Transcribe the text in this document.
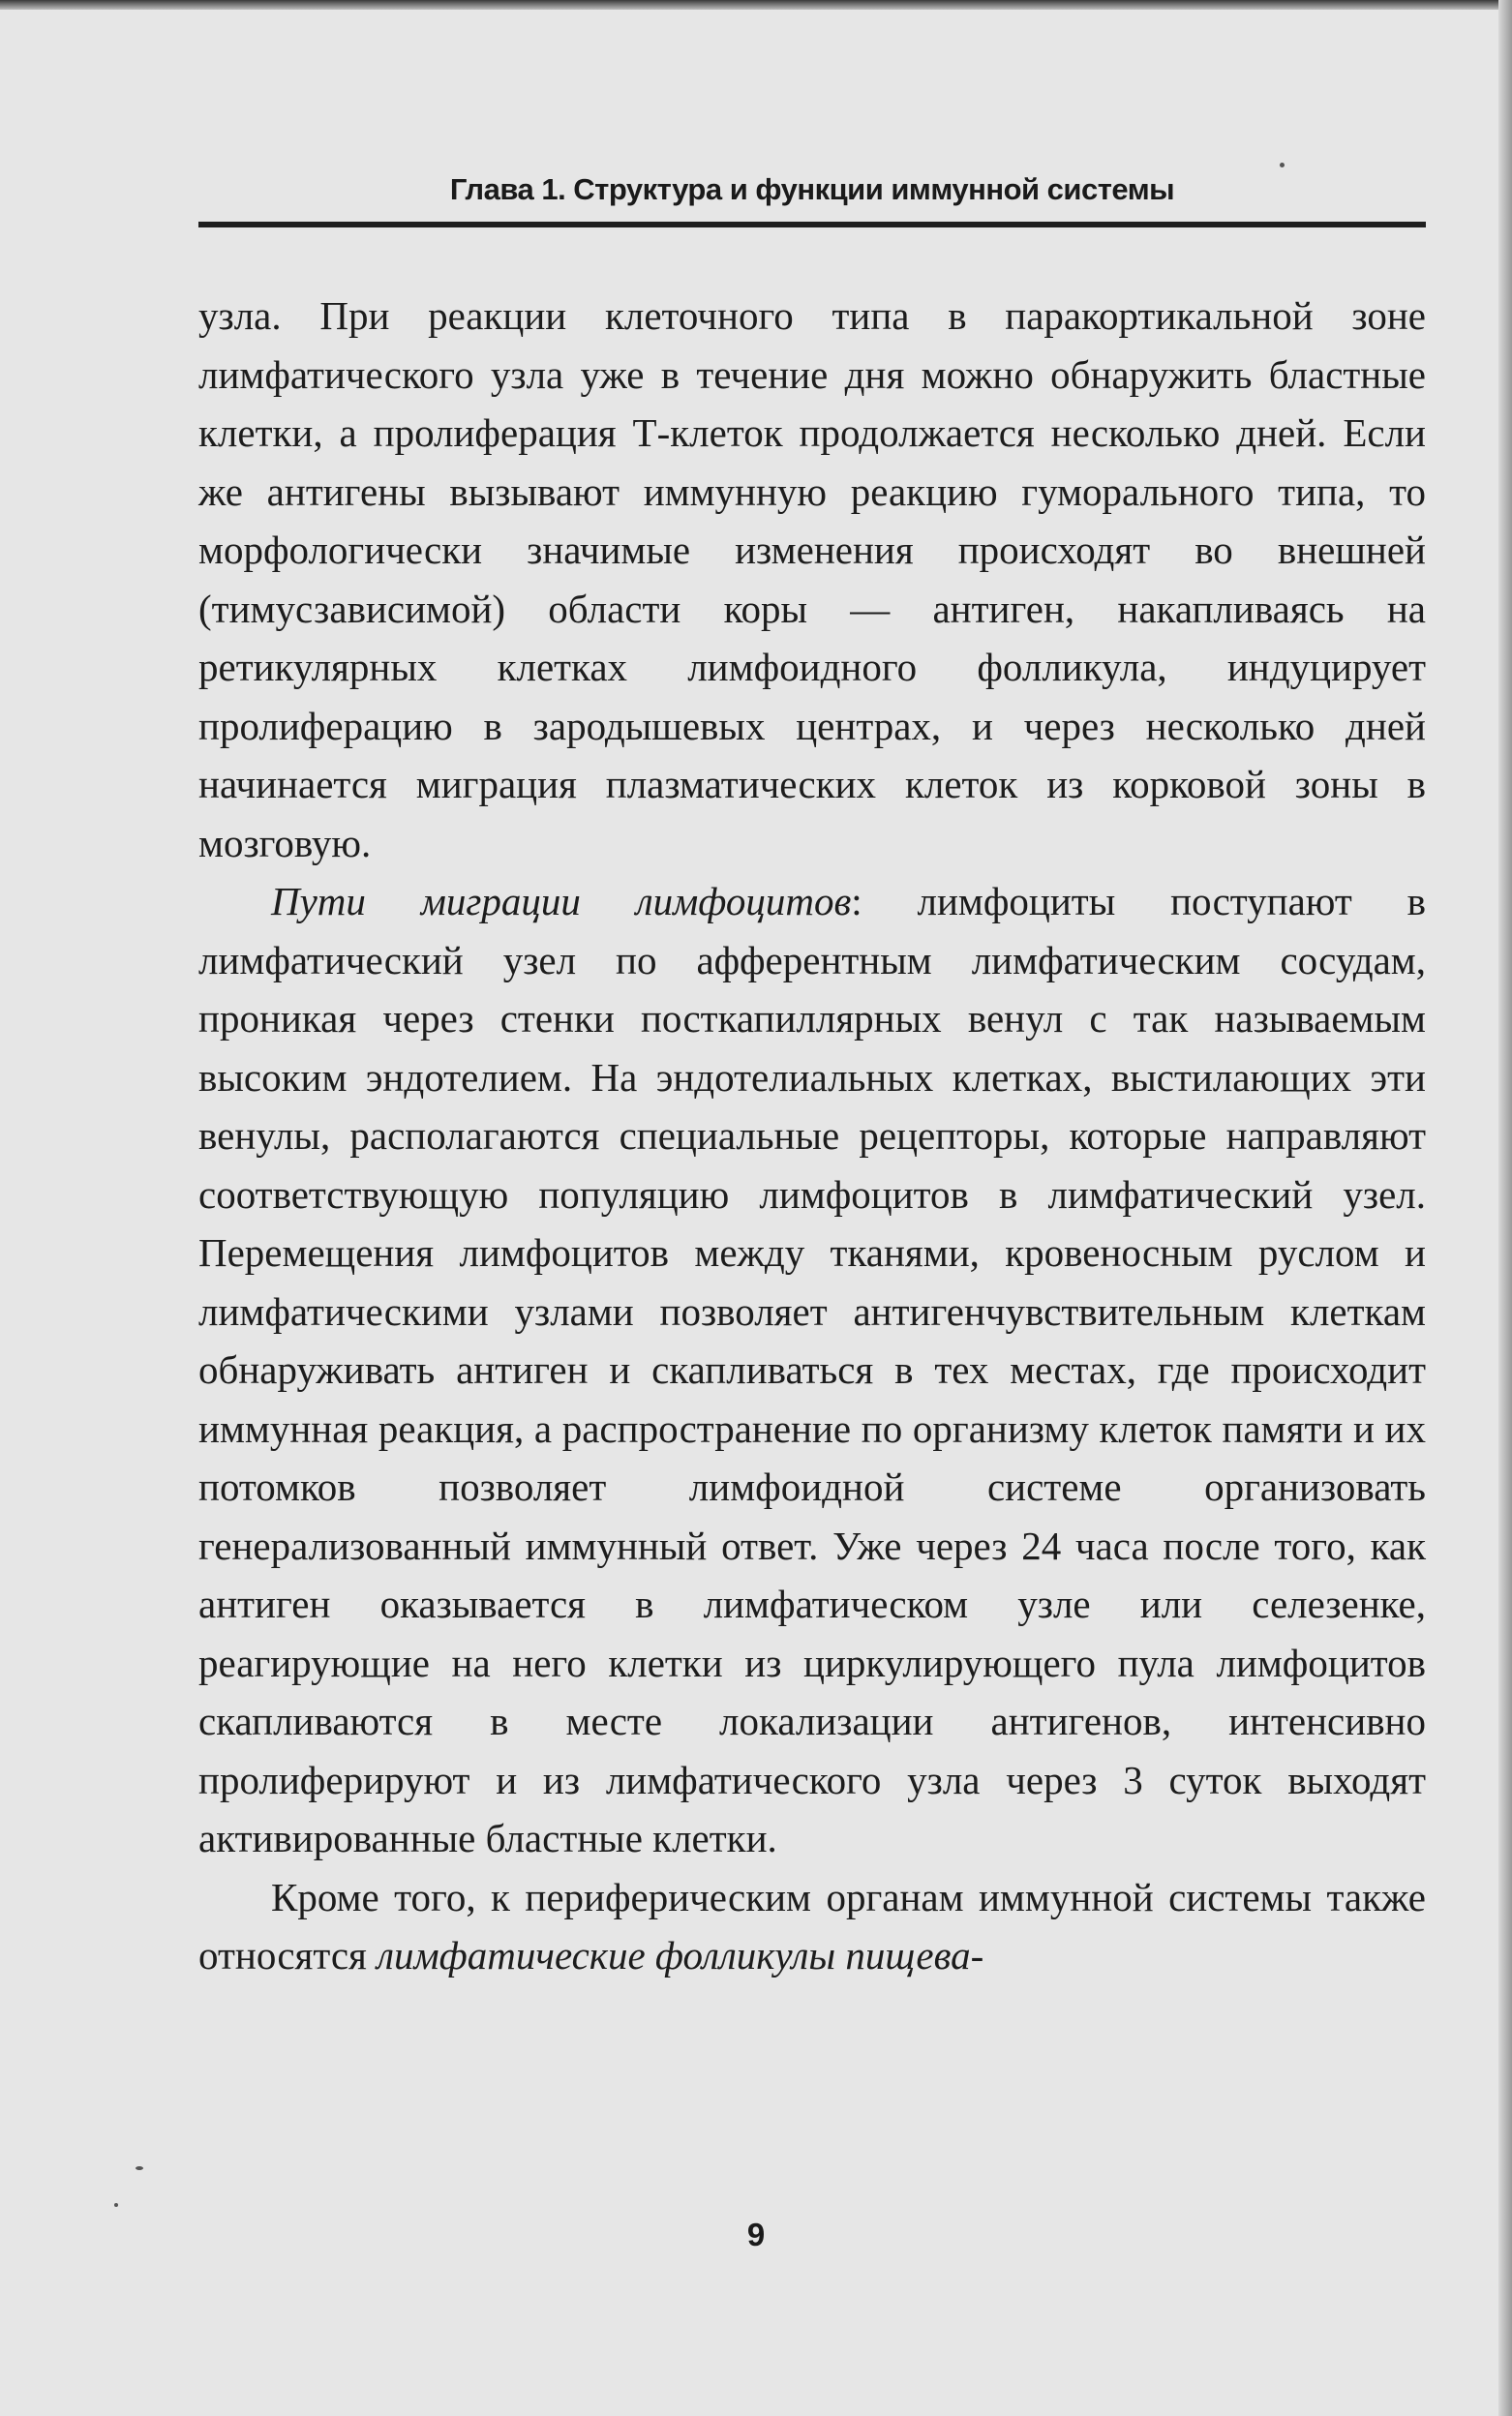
Глава 1. Структура и функции иммунной системы

узла. При реакции клеточного типа в паракортикальной зоне лимфатического узла уже в течение дня можно обнаружить бластные клетки, а пролиферация Т-клеток продолжается несколько дней. Если же антигены вызывают иммунную реакцию гуморального типа, то морфологически значимые изменения происходят во внешней (тимусзависимой) области коры — антиген, накапливаясь на ретикулярных клетках лимфоидного фолликула, индуцирует пролиферацию в зародышевых центрах, и через несколько дней начинается миграция плазматических клеток из корковой зоны в мозговую.

Пути миграции лимфоцитов: лимфоциты поступают в лимфатический узел по афферентным лимфатическим сосудам, проникая через стенки посткапиллярных венул с так называемым высоким эндотелием. На эндотелиальных клетках, выстилающих эти венулы, располагаются специальные рецепторы, которые направляют соответствующую популяцию лимфоцитов в лимфатический узел. Перемещения лимфоцитов между тканями, кровеносным руслом и лимфатическими узлами позволяет антигенчувствительным клеткам обнаруживать антиген и скапливаться в тех местах, где происходит иммунная реакция, а распространение по организму клеток памяти и их потомков позволяет лимфоидной системе организовать генерализованный иммунный ответ. Уже через 24 часа после того, как антиген оказывается в лимфатическом узле или селезенке, реагирующие на него клетки из циркулирующего пула лимфоцитов скапливаются в месте локализации антигенов, интенсивно пролиферируют и из лимфатического узла через 3 суток выходят активированные бластные клетки.

Кроме того, к периферическим органам иммунной системы также относятся лимфатические фолликулы пищева-

9
